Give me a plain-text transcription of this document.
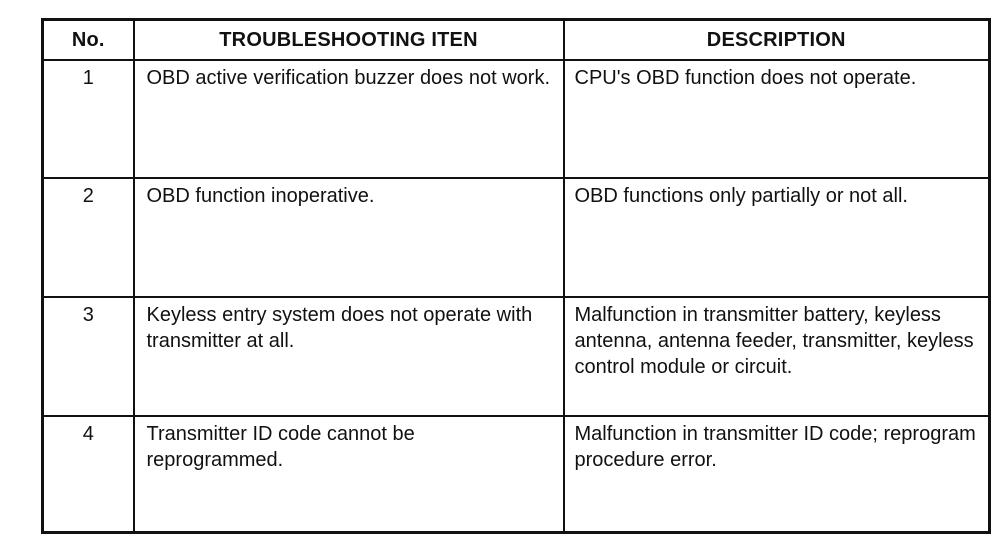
No.	TROUBLESHOOTING ITEN	DESCRIPTION
1	OBD active verification buzzer does not work.	CPU's OBD function does not operate.
2	OBD function inoperative.	OBD functions only partially or not all.
3	Keyless entry system does not operate with transmitter at all.	Malfunction in transmitter battery, keyless antenna, antenna feeder, transmitter, keyless control module or circuit.
4	Transmitter ID code cannot be reprogrammed.	Malfunction in transmitter ID code; reprogram procedure error.
